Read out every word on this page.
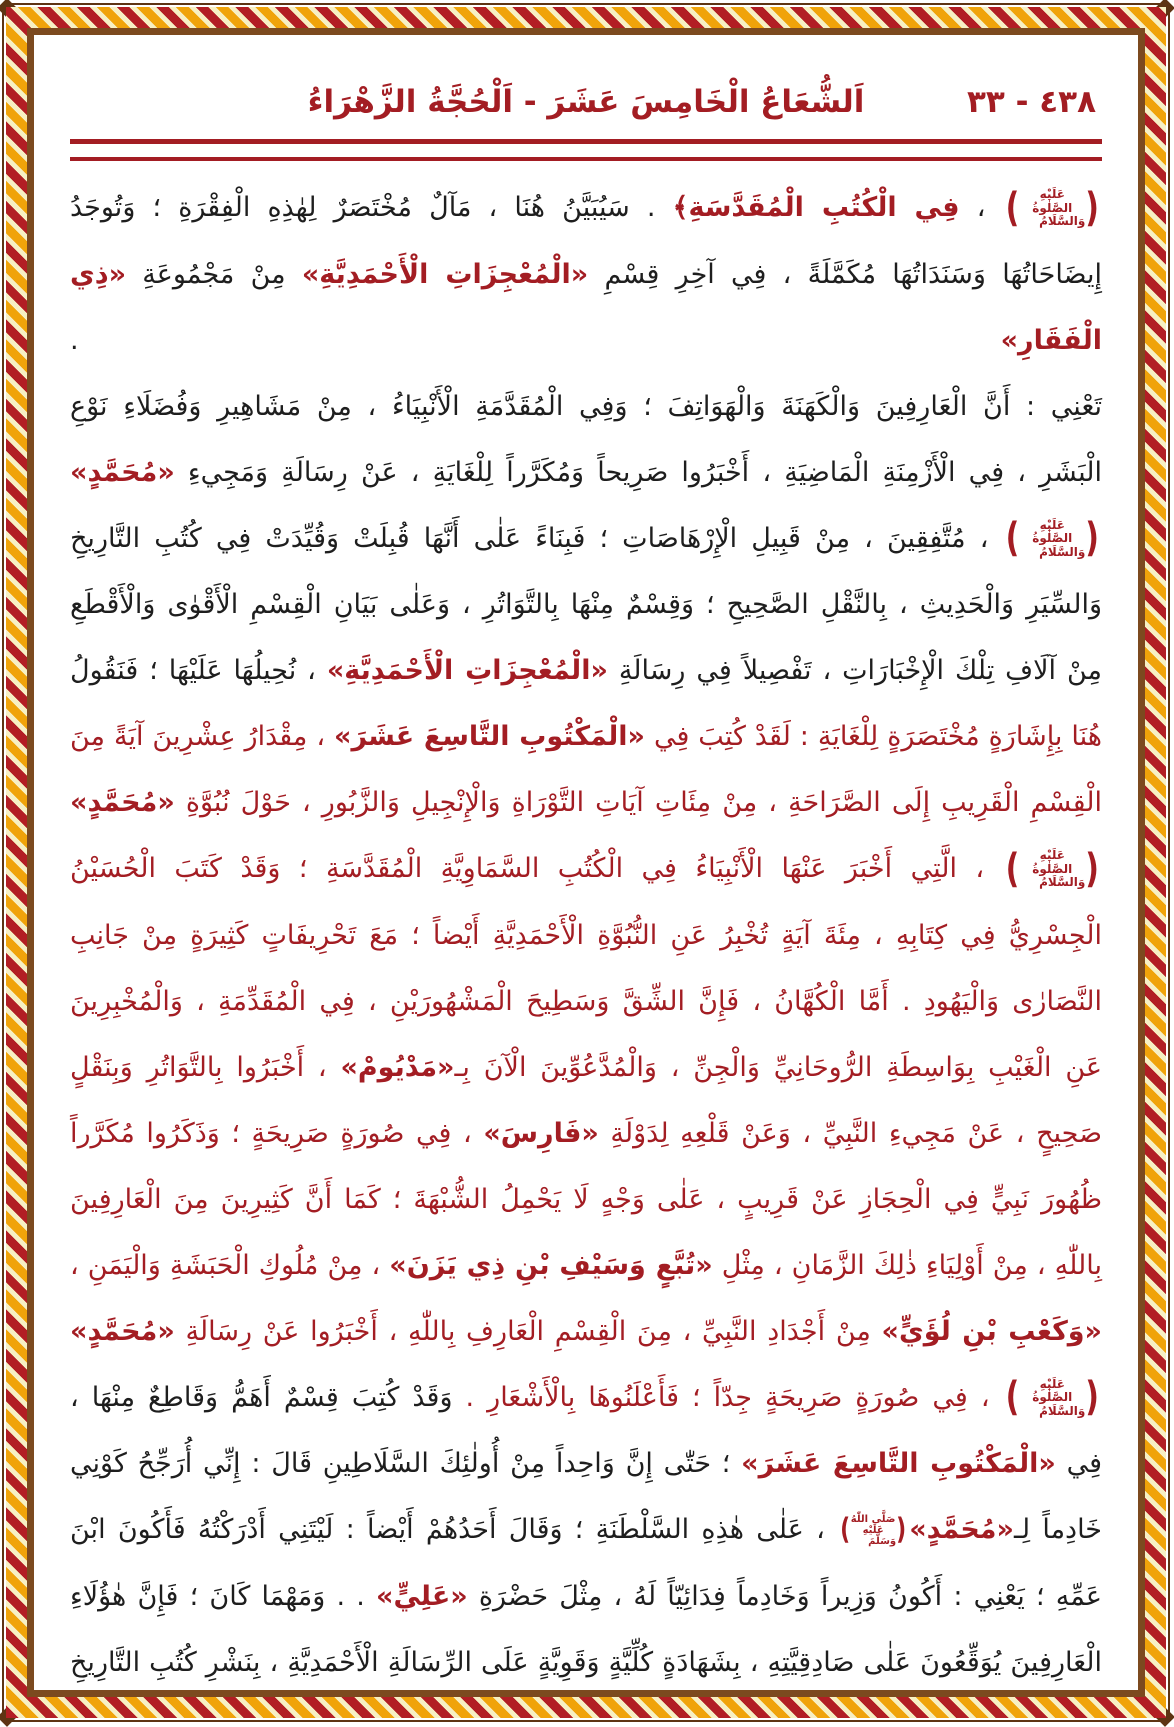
اَلشُّعَاعُ الْخَامِسَ عَشَرَ - اَلْحُجَّةُ الزَّهْرَاءُ	٤٣٨ - ٣٣
(
عَلَيْهِ الصَّلٰوةُ وَالسَّلَامُ
)
، فِي الْكُتُبِ الْمُقَدَّسَةِ﴾ . سَيُبَيَّنُ هُنَا ، مَآلٌ مُخْتَصَرٌ لِهٰذِهِ الْفِقْرَةِ ؛ وَتُوجَدُ
إِيضَاحَاتُهَا وَسَنَدَاتُهَا مُكَمَّلَةً ، فِي آخِرِ قِسْمِ «الْمُعْجِزَاتِ الْأَحْمَدِيَّةِ» مِنْ مَجْمُوعَةِ «ذِي الْفَقَارِ» .
تَعْنِي : أَنَّ الْعَارِفِينَ وَالْكَهَنَةَ وَالْهَوَاتِفَ ؛ وَفِي الْمُقَدَّمَةِ الْأَنْبِيَاءُ ، مِنْ مَشَاهِيرِ وَفُضَلَاءِ نَوْعِ
الْبَشَرِ ، فِي الْأَزْمِنَةِ الْمَاضِيَةِ ، أَخْبَرُوا صَرِيحاً وَمُكَرَّراً لِلْغَايَةِ ، عَنْ رِسَالَةِ وَمَجِيءِ «مُحَمَّدٍ»
(
عَلَيْهِ الصَّلٰوةُ وَالسَّلَامُ
)
، مُتَّفِقِينَ ، مِنْ قَبِيلِ الْإِرْهَاصَاتِ ؛ فَبِنَاءً عَلٰى أَنَّهَا قُبِلَتْ وَقُيِّدَتْ فِي كُتُبِ التَّارِيخِ
وَالسِّيَرِ وَالْحَدِيثِ ، بِالنَّقْلِ الصَّحِيحِ ؛ وَقِسْمٌ مِنْهَا بِالتَّوَاتُرِ ، وَعَلٰى بَيَانِ الْقِسْمِ الْأَقْوٰى وَالْأَقْطَعِ
مِنْ آلَافِ تِلْكَ الْإِخْبَارَاتِ ، تَفْصِيلاً فِي رِسَالَةِ «الْمُعْجِزَاتِ الْأَحْمَدِيَّةِ» ، نُحِيلُهَا عَلَيْهَا ؛ فَنَقُولُ
هُنَا بِإِشَارَةٍ مُخْتَصَرَةٍ لِلْغَايَةِ : لَقَدْ كُتِبَ فِي «الْمَكْتُوبِ التَّاسِعَ عَشَرَ» ، مِقْدَارُ عِشْرِينَ آيَةً مِنَ
الْقِسْمِ الْقَرِيبِ إِلَى الصَّرَاحَةِ ، مِنْ مِئَاتِ آيَاتِ التَّوْرَاةِ وَالْإِنْجِيلِ وَالزَّبُورِ ، حَوْلَ نُبُوَّةِ «مُحَمَّدٍ»
(
عَلَيْهِ الصَّلٰوةُ وَالسَّلَامُ
)
، الَّتِي أَخْبَرَ عَنْهَا الْأَنْبِيَاءُ فِي الْكُتُبِ السَّمَاوِيَّةِ الْمُقَدَّسَةِ ؛ وَقَدْ كَتَبَ الْحُسَيْنُ
الْجِسْرِيُّ فِي كِتَابِهِ ، مِئَةَ آيَةٍ تُخْبِرُ عَنِ النُّبُوَّةِ الْأَحْمَدِيَّةِ أَيْضاً ؛ مَعَ تَحْرِيفَاتٍ كَثِيرَةٍ مِنْ جَانِبِ
النَّصَارٰى وَالْيَهُودِ . أَمَّا الْكُهَّانُ ، فَإِنَّ الشِّقَّ وَسَطِيحَ الْمَشْهُورَيْنِ ، فِي الْمُقَدِّمَةِ ، وَالْمُخْبِرِينَ
عَنِ الْغَيْبِ بِوَاسِطَةِ الرُّوحَانِيِّ وَالْجِنِّ ، وَالْمُدَّعُوِّينَ الْآنَ بِـ«مَدْيُومْ» ، أَخْبَرُوا بِالتَّوَاتُرِ وَبِنَقْلٍ
صَحِيحٍ ، عَنْ مَجِيءِ النَّبِيِّ ، وَعَنْ قَلْعِهِ لِدَوْلَةِ «فَارِسَ» ، فِي صُورَةٍ صَرِيحَةٍ ؛ وَذَكَرُوا مُكَرَّراً
ظُهُورَ نَبِيٍّ فِي الْحِجَازِ عَنْ قَرِيبٍ ، عَلٰى وَجْهٍ لَا يَحْمِلُ الشُّبْهَةَ ؛ كَمَا أَنَّ كَثِيرِينَ مِنَ الْعَارِفِينَ
بِاللّٰهِ ، مِنْ أَوْلِيَاءِ ذٰلِكَ الزَّمَانِ ، مِثْلِ «تُبَّعٍ وَسَيْفِ بْنِ ذِي يَزَنَ» ، مِنْ مُلُوكِ الْحَبَشَةِ وَالْيَمَنِ ،
«وَكَعْبِ بْنِ لُؤَيٍّ» مِنْ أَجْدَادِ النَّبِيِّ ، مِنَ الْقِسْمِ الْعَارِفِ بِاللّٰهِ ، أَخْبَرُوا عَنْ رِسَالَةِ «مُحَمَّدٍ»
(
عَلَيْهِ الصَّلٰوةُ وَالسَّلَامُ
)
، فِي صُورَةٍ صَرِيحَةٍ جِدّاً ؛ فَأَعْلَنُوهَا بِالْأَشْعَارِ . وَقَدْ كُتِبَ قِسْمٌ أَهَمُّ وَقَاطِعٌ مِنْهَا ،
فِي «الْمَكْتُوبِ التَّاسِعَ عَشَرَ» ؛ حَتّٰى إِنَّ وَاحِداً مِنْ أُولٰئِكَ السَّلَاطِينِ قَالَ : إِنِّي أُرَجِّحُ كَوْنِي
خَادِماً لِـ«مُحَمَّدٍ»
(
صَلَّى اللّٰهُ عَلَيْهِ وَسَلَّمَ
)
، عَلٰى هٰذِهِ السَّلْطَنَةِ ؛ وَقَالَ أَحَدُهُمْ أَيْضاً : لَيْتَنِي أَدْرَكْتُهُ فَأَكُونَ ابْنَ
عَمِّهِ ؛ يَعْنِي : أَكُونُ وَزِيراً وَخَادِماً فِدَائِيّاً لَهُ ، مِثْلَ حَضْرَةِ «عَلِيٍّ» . . وَمَهْمَا كَانَ ؛ فَإِنَّ هٰؤُلَاءِ
الْعَارِفِينَ يُوَقِّعُونَ عَلٰى صَادِقِيَّتِهِ ، بِشَهَادَةٍ كُلِّيَّةٍ وَقَوِيَّةٍ عَلَى الرِّسَالَةِ الْأَحْمَدِيَّةِ ، بِنَشْرِ كُتُبِ التَّارِيخِ
